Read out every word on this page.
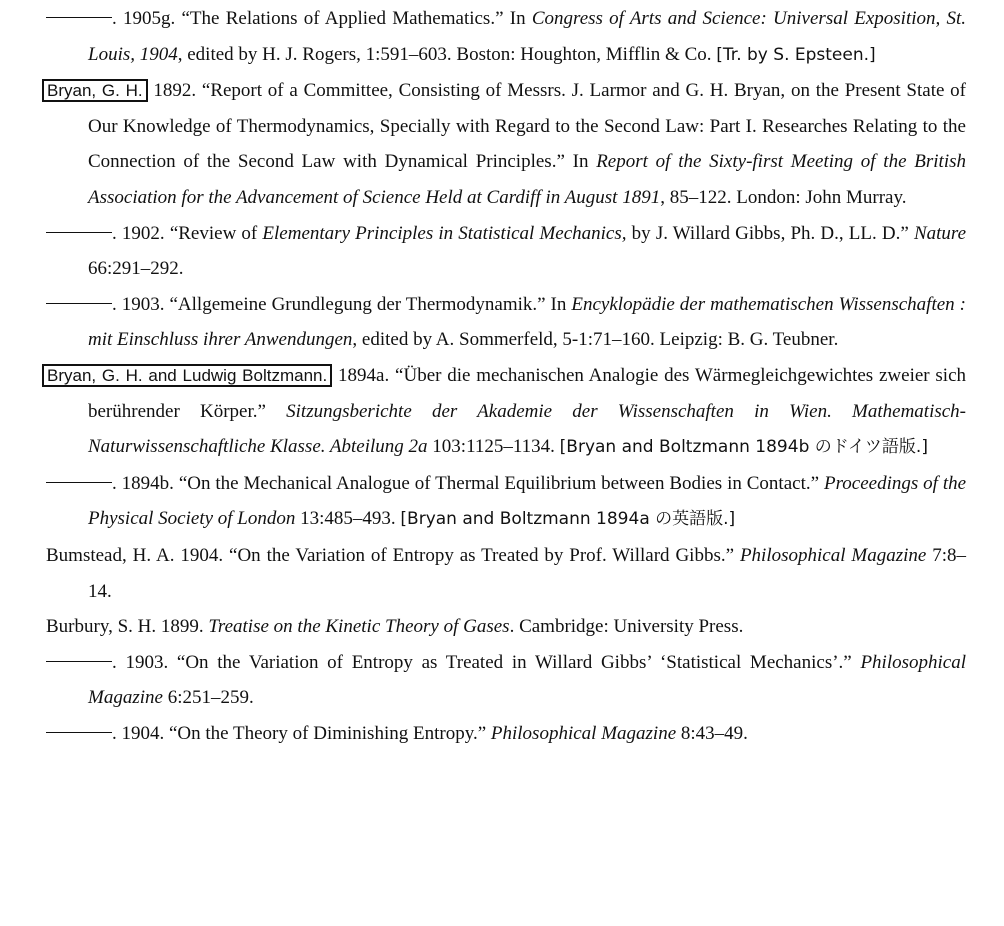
. 1905g. “The Relations of Applied Mathematics.” In Congress of Arts and Science: Universal Exposition, St. Louis, 1904, edited by H. J. Rogers, 1:591–603. Boston: Houghton, Mifflin & Co. [Tr. by S. Epsteen.]
Bryan, G. H. 1892. “Report of a Committee, Consisting of Messrs. J. Larmor and G. H. Bryan, on the Present State of Our Knowledge of Thermodynamics, Specially with Regard to the Second Law: Part I. Researches Relating to the Connection of the Second Law with Dynamical Principles.” In Report of the Sixty-first Meeting of the British Association for the Advancement of Science Held at Cardiff in August 1891, 85–122. London: John Murray.
. 1902. “Review of Elementary Principles in Statistical Mechanics, by J. Willard Gibbs, Ph. D., LL. D.” Nature 66:291–292.
. 1903. “Allgemeine Grundlegung der Thermodynamik.” In Encyklopädie der mathematischen Wissenschaften : mit Einschluss ihrer Anwendungen, edited by A. Sommerfeld, 5-1:71–160. Leipzig: B. G. Teubner.
Bryan, G. H. and Ludwig Boltzmann. 1894a. “Über die mechanischen Analogie des Wärmegleichgewichtes zweier sich berührender Körper.” Sitzungsberichte der Akademie der Wissenschaften in Wien. Mathematisch-Naturwissenschaftliche Klasse. Abteilung 2a 103:1125–1134. [Bryan and Boltzmann 1894b のドイツ語版.]
. 1894b. “On the Mechanical Analogue of Thermal Equilibrium between Bodies in Contact.” Proceedings of the Physical Society of London 13:485–493. [Bryan and Boltzmann 1894a の英語版.]
Bumstead, H. A. 1904. “On the Variation of Entropy as Treated by Prof. Willard Gibbs.” Philosophical Magazine 7:8–14.
Burbury, S. H. 1899. Treatise on the Kinetic Theory of Gases. Cambridge: University Press.
. 1903. “On the Variation of Entropy as Treated in Willard Gibbs’ ‘Statistical Mechanics’.” Philosophical Magazine 6:251–259.
. 1904. “On the Theory of Diminishing Entropy.” Philosophical Magazine 8:43–49.
